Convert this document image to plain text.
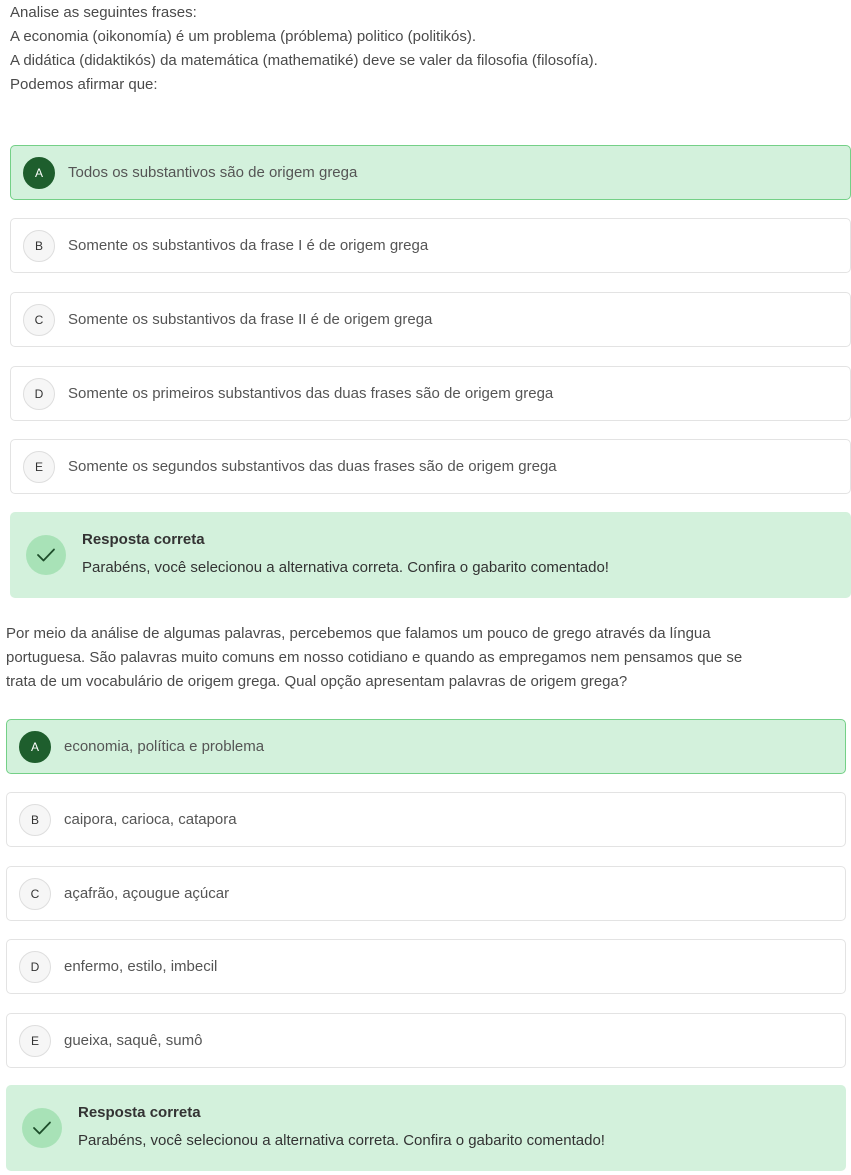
Analise as seguintes frases:

A economia (oikonomía) é um problema (próblema) politico (politikós).

A didática (didaktikós) da matemática (mathematiké) deve se valer da filosofia (filosofía).

Podemos afirmar que:

A	Todos os substantivos são de origem grega
B	Somente os substantivos da frase I é de origem grega
C	Somente os substantivos da frase II é de origem grega
D	Somente os primeiros substantivos das duas frases são de origem grega
E	Somente os segundos substantivos das duas frases são de origem grega
Resposta correta
Parabéns, você selecionou a alternativa correta. Confira o gabarito comentado!

Por meio da análise de algumas palavras, percebemos que falamos um pouco de grego através da língua

portuguesa. São palavras muito comuns em nosso cotidiano e quando as empregamos nem pensamos que se

trata de um vocabulário de origem grega. Qual opção apresentam palavras de origem grega?

A	economia, política e problema
B	caipora, carioca, catapora
C	açafrão, açougue açúcar
D	enfermo, estilo, imbecil
E	gueixa, saquê, sumô
Resposta correta
Parabéns, você selecionou a alternativa correta. Confira o gabarito comentado!
